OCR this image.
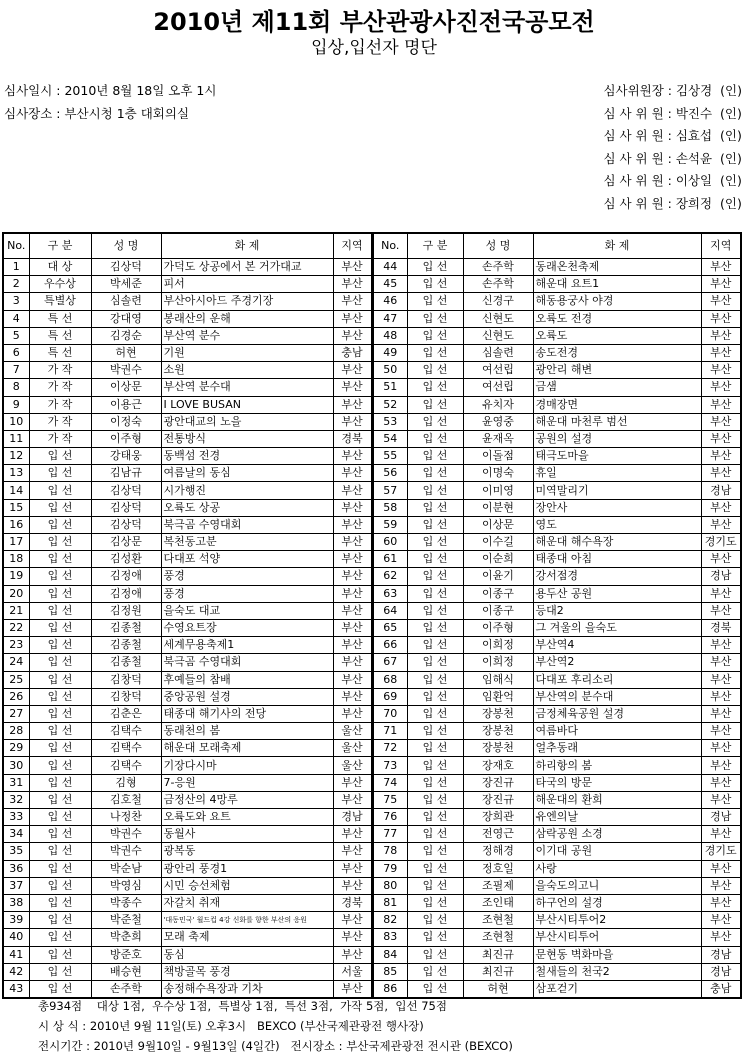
2010년 제11회 부산관광사진전국공모전
입상,입선자 명단
심사일시 : 2010년 8월 18일 오후 1시
심사장소 : 부산시청 1층 대회의실
심사위원장 : 김상경  (인)
심 사 위 원 : 박진수  (인)
심 사 위 원 : 심효섭  (인)
심 사 위 원 : 손석윤  (인)
심 사 위 원 : 이상일  (인)
심 사 위 원 : 장희정  (인)
No.	구 분	성 명	화 제	지역
1	대 상	김상덕	가덕도 상공에서 본 거가대교	부산
2	우수상	박세준	피서	부산
3	특별상	심솔련	부산아시아드 주경기장	부산
4	특 선	강대영	봉래산의 운해	부산
5	특 선	김경순	부산역 분수	부산
6	특 선	허현	기원	충남
7	가 작	박권수	소원	부산
8	가 작	이상문	부산역 분수대	부산
9	가 작	이용근	I LOVE BUSAN	부산
10	가 작	이정숙	광안대교의 노을	부산
11	가 작	이주형	전통방식	경북
12	입 선	강태웅	동백섬 전경	부산
13	입 선	김남규	여름날의 동심	부산
14	입 선	김상덕	시가행진	부산
15	입 선	김상덕	오륙도 상공	부산
16	입 선	김상덕	북극곰 수영대회	부산
17	입 선	김상문	복천동고분	부산
18	입 선	김성환	다대포 석양	부산
19	입 선	김정애	풍경	부산
20	입 선	김정애	풍경	부산
21	입 선	김정원	을숙도 대교	부산
22	입 선	김종철	수영요트장	부산
23	입 선	김종철	세계무용축제1	부산
24	입 선	김종철	북극곰 수영대회	부산
25	입 선	김창덕	후예들의 참배	부산
26	입 선	김창덕	중앙공원 설경	부산
27	입 선	김춘은	태종대 해기사의 전당	부산
28	입 선	김택수	동래천의 봄	울산
29	입 선	김택수	해운대 모래축제	울산
30	입 선	김택수	기장다시마	울산
31	입 선	김형	7-응원	부산
32	입 선	김호철	금정산의 4망루	부산
33	입 선	나정찬	오륙도와 요트	경남
34	입 선	박권수	동월사	부산
35	입 선	박권수	광복동	부산
36	입 선	박순남	광안리 풍경1	부산
37	입 선	박영심	시민 승선체험	부산
38	입 선	박종수	자갈치 취재	경북
39	입 선	박준철	'대동민국' 월드컵 4강 신화를 향한 부산의 응원	부산
40	입 선	박춘희	모래 축제	부산
41	입 선	방준호	동심	부산
42	입 선	배승현	책방골목 풍경	서울
43	입 선	손주학	송정해수욕장과 기차	부산
No.	구 분	성 명	화 제	지역
44	입 선	손주학	동래온천축제	부산
45	입 선	손주학	해운대 요트1	부산
46	입 선	신경구	해동용궁사 야경	부산
47	입 선	신현도	오륙도 전경	부산
48	입 선	신현도	오륙도	부산
49	입 선	심솔련	송도전경	부산
50	입 선	여선립	광안리 해변	부산
51	입 선	여선립	금샘	부산
52	입 선	유치자	경매장면	부산
53	입 선	윤영중	해운대 마천루 범선	부산
54	입 선	윤재옥	공원의 설경	부산
55	입 선	이돌점	태극도마을	부산
56	입 선	이명숙	휴일	부산
57	입 선	이미영	미역말리기	경남
58	입 선	이분현	장안사	부산
59	입 선	이상문	영도	부산
60	입 선	이수길	해운대 해수욕장	경기도
61	입 선	이순희	태종대 아침	부산
62	입 선	이윤기	강서점경	경남
63	입 선	이종구	용두산 공원	부산
64	입 선	이종구	등대2	부산
65	입 선	이주형	그 겨울의 을숙도	경북
66	입 선	이희정	부산역4	부산
67	입 선	이희정	부산역2	부산
68	입 선	임해식	다대포 후리소리	부산
69	입 선	임환억	부산역의 분수대	부산
70	입 선	장봉천	금정체육공원 설경	부산
71	입 선	장봉천	여름바다	부산
72	입 선	장봉천	얼추동래	부산
73	입 선	장재호	하리항의 봄	부산
74	입 선	장진규	타국의 방문	부산
75	입 선	장진규	해운대의 환희	부산
76	입 선	장희관	유엔의날	경남
77	입 선	전영근	삼락공원 소경	부산
78	입 선	정해경	이기대 공원	경기도
79	입 선	정호일	사랑	부산
80	입 선	조필제	을숙도의고니	부산
81	입 선	조인태	하구언의 설경	부산
82	입 선	조현철	부산시티투어2	부산
83	입 선	조현철	부산시티투어	부산
84	입 선	최진규	문현동 벽화마을	경남
85	입 선	최진규	철새들의 천국2	경남
86	입 선	허현	삼포걷기	충남
총934점    대상 1점,  우수상 1점,  특별상 1점,  특선 3점,  가작 5점,  입선 75점
시 상 식 : 2010년 9월 11일(토) 오후3시   BEXCO (부산국제관광전 행사장)
전시기간 : 2010년 9월10일 - 9월13일 (4일간)   전시장소 : 부산국제관광전 전시관 (BEXCO)
